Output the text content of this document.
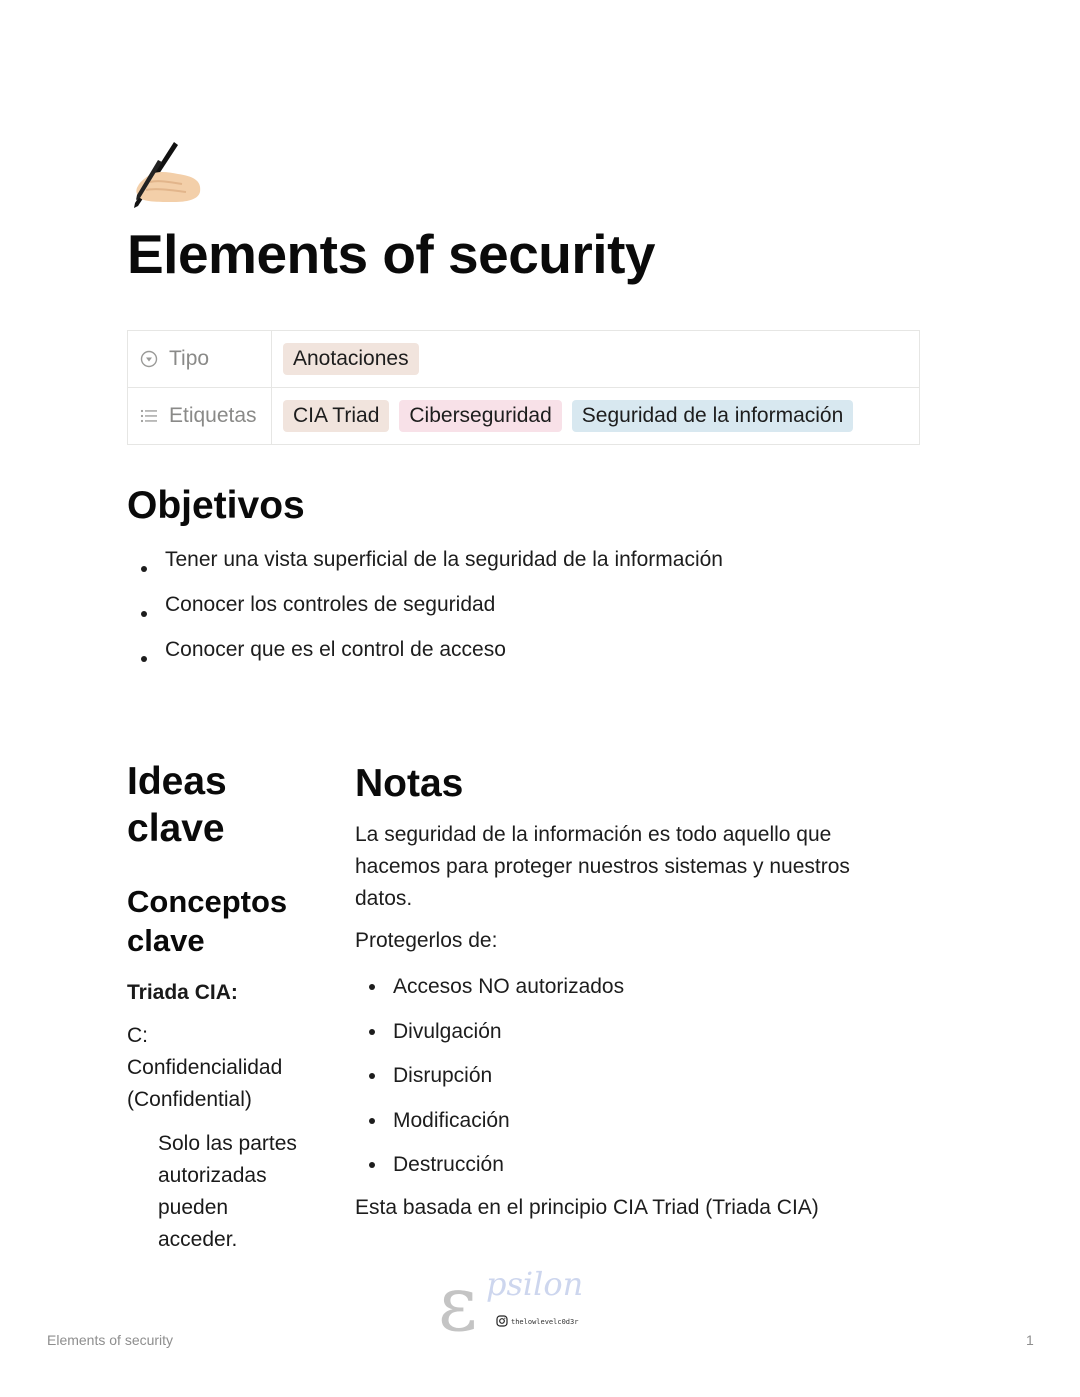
Elements of security
Tipo	Anotaciones
Etiquetas	CIA Triad	Ciberseguridad	Seguridad de la información
Objetivos
Tener una vista superficial de la seguridad de la información
Conocer los controles de seguridad
Conocer que es el control de acceso
Ideas
clave
Conceptos
clave
Triada CIA:
C:
Confidencialidad
(Confidential)
Solo las partes
autorizadas
pueden
acceder.
Notas

La seguridad de la información es todo aquello que
hacemos para proteger nuestros sistemas y nuestros
datos.

Protegerlos de:

Accesos NO autorizados
Divulgación
Disrupción
Modificación
Destrucción

Esta basada en el principio CIA Triad (Triada CIA)

ε psilon
thelowlevelc0d3r
Elements of security	1
